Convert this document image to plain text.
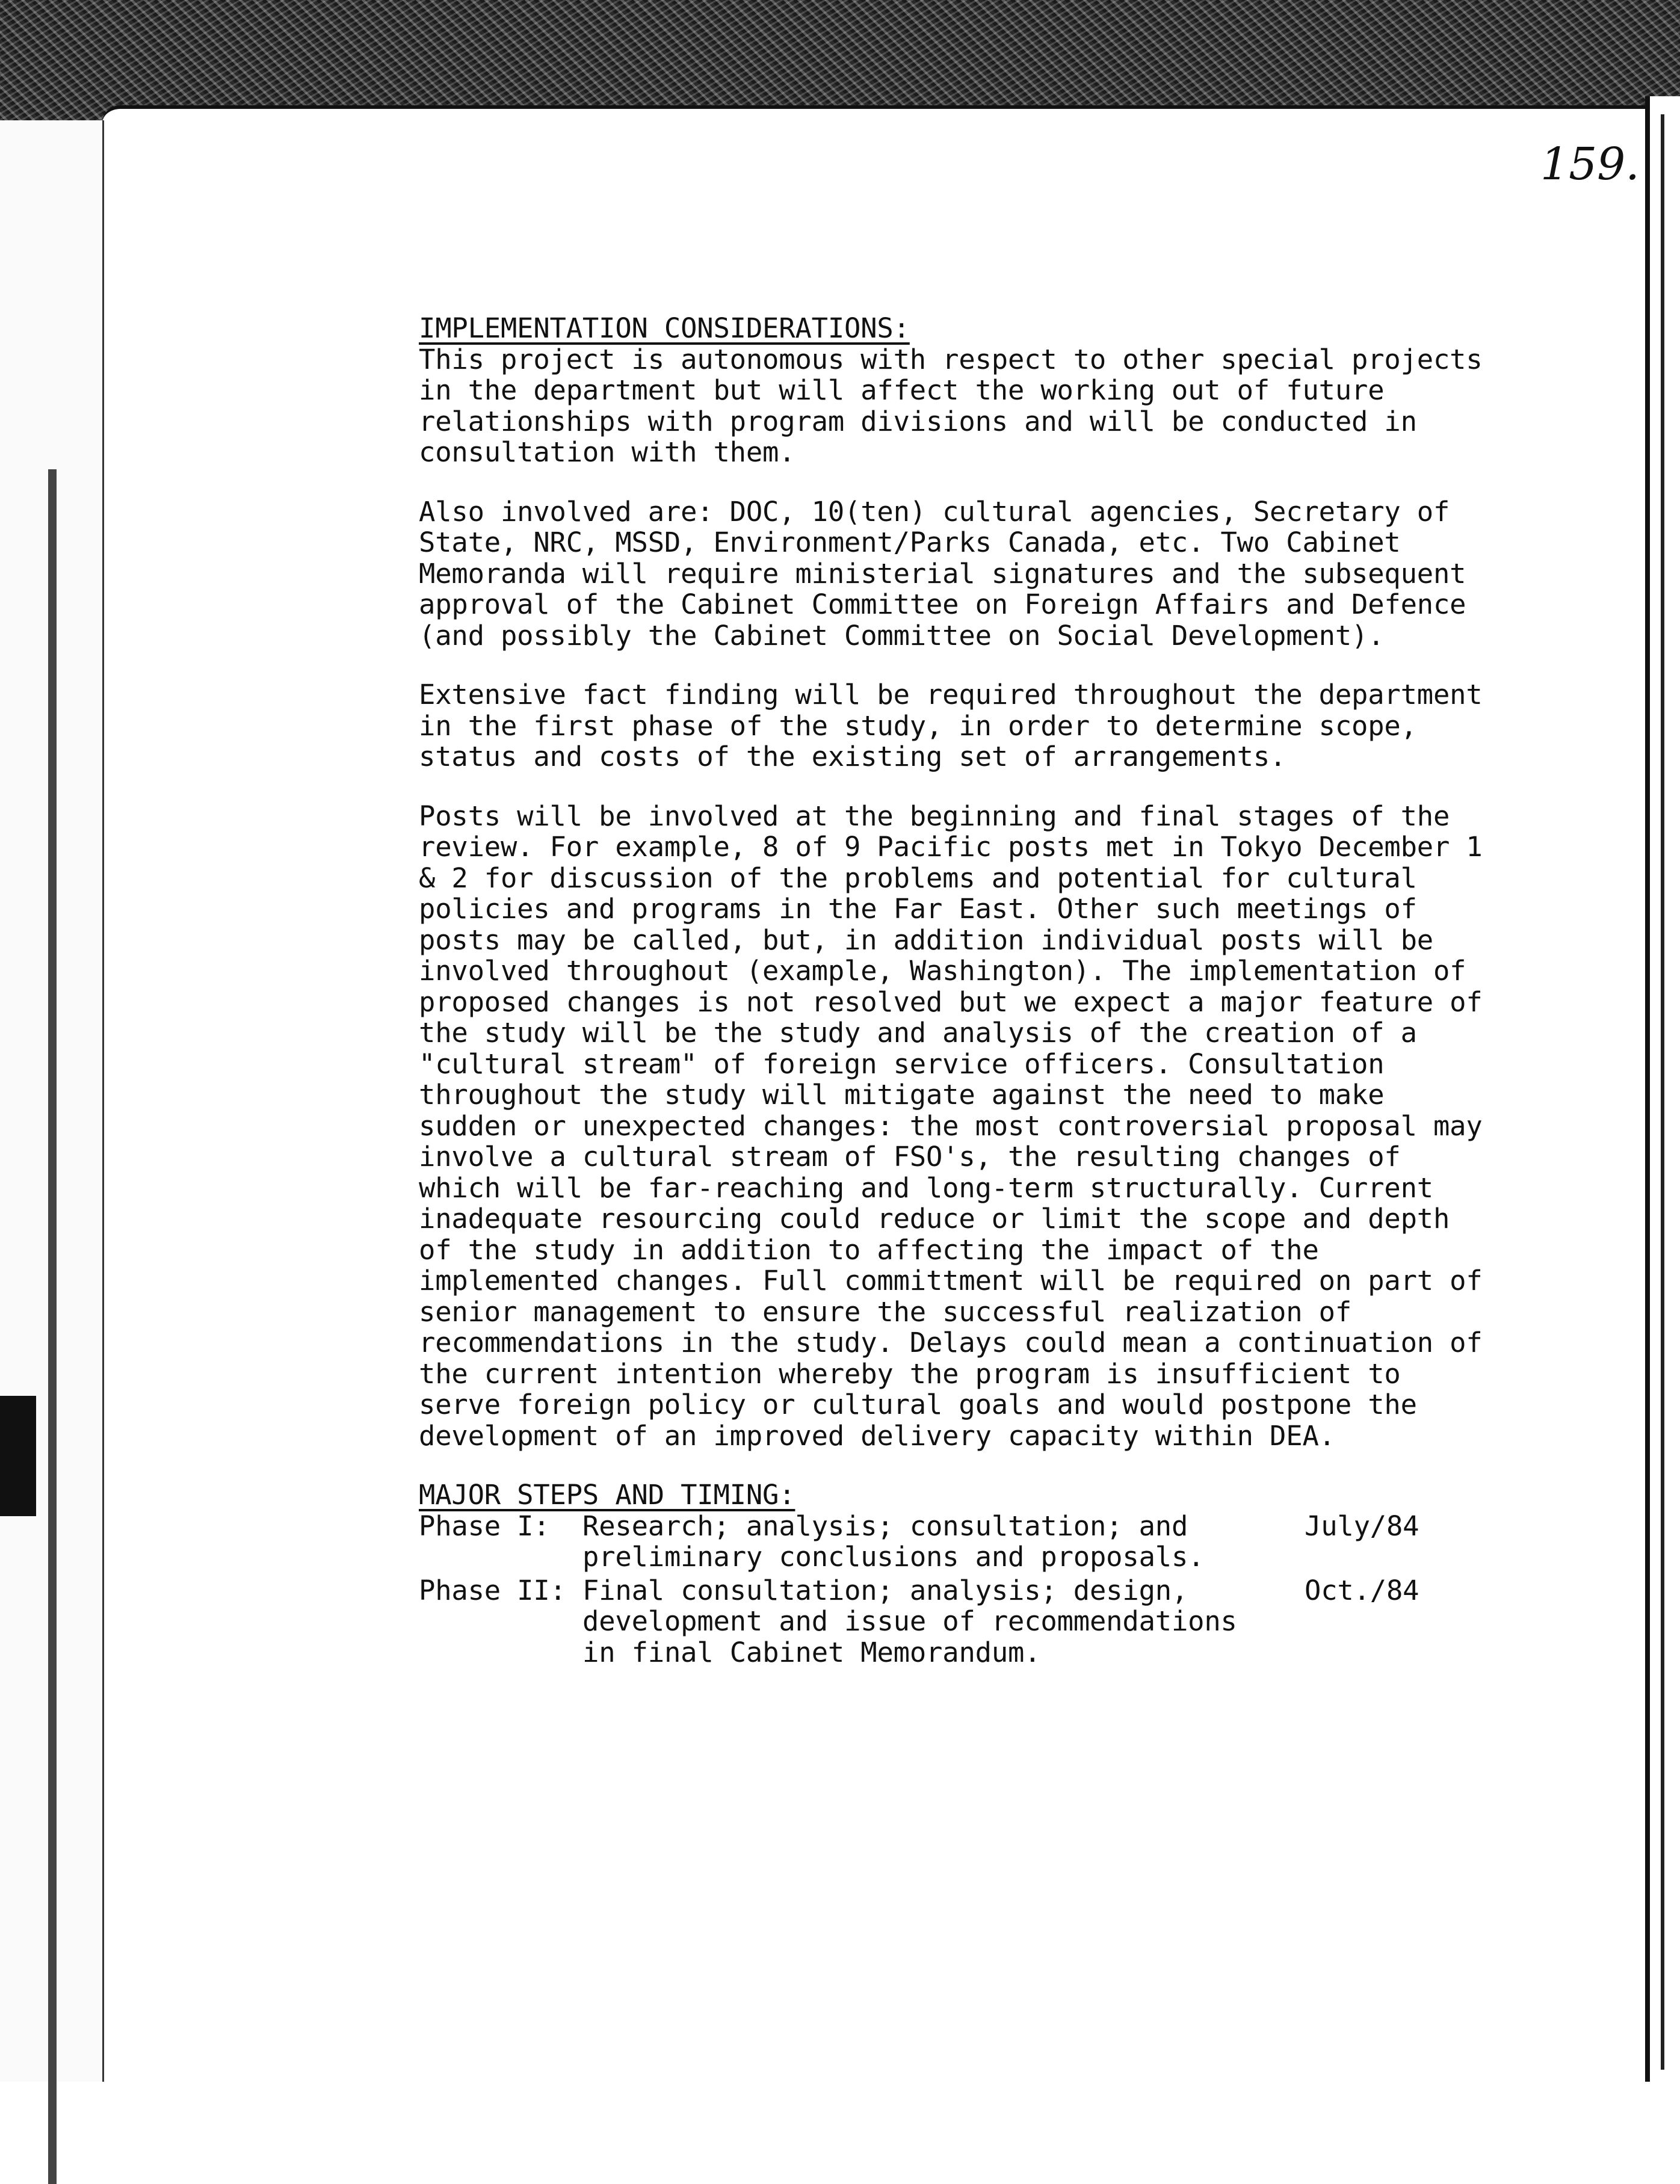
159.
IMPLEMENTATION CONSIDERATIONS:

This project is autonomous with respect to other special projects in the department but will affect the working out of future relationships with program divisions and will be conducted in consultation with them.

Also involved are: DOC, 10(ten) cultural agencies, Secretary of State, NRC, MSSD, Environment/Parks Canada, etc. Two Cabinet Memoranda will require ministerial signatures and the subsequent approval of the Cabinet Committee on Foreign Affairs and Defence (and possibly the Cabinet Committee on Social Development).

Extensive fact finding will be required throughout the department in the first phase of the study, in order to determine scope, status and costs of the existing set of arrangements.

Posts will be involved at the beginning and final stages of the review. For example, 8 of 9 Pacific posts met in Tokyo December 1 & 2 for discussion of the problems and potential for cultural policies and programs in the Far East. Other such meetings of posts may be called, but, in addition individual posts will be involved throughout (example, Washington). The implementation of proposed changes is not resolved but we expect a major feature of the study will be the study and analysis of the creation of a "cultural stream" of foreign service officers. Consultation throughout the study will mitigate against the need to make sudden or unexpected changes: the most controversial proposal may involve a cultural stream of FSO's, the resulting changes of which will be far-reaching and long-term structurally. Current inadequate resourcing could reduce or limit the scope and depth of the study in addition to affecting the impact of the implemented changes. Full committment will be required on part of senior management to ensure the successful realization of recommendations in the study. Delays could mean a continuation of the current intention whereby the program is insufficient to serve foreign policy or cultural goals and would postpone the development of an improved delivery capacity within DEA.

MAJOR STEPS AND TIMING:
Phase I:	Research; analysis; consultation; and preliminary conclusions and proposals.
July/84
Phase II: Final consultation; analysis; design, development and issue of recommendations in final Cabinet Memorandum.
Oct./84
